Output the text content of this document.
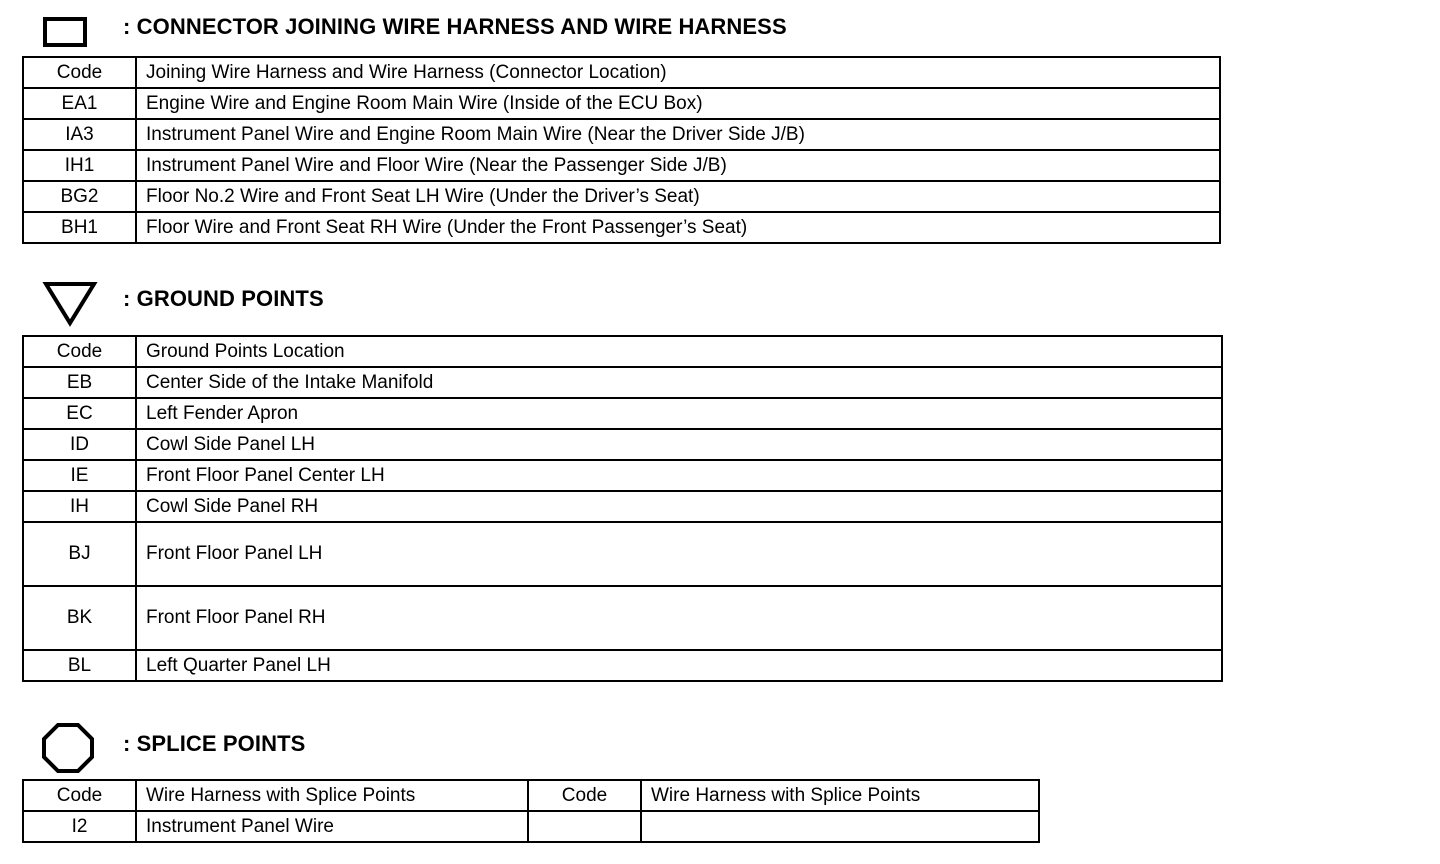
: CONNECTOR JOINING WIRE HARNESS AND WIRE HARNESS
Code	Joining Wire Harness and Wire Harness (Connector Location)
EA1	Engine Wire and Engine Room Main Wire (Inside of the ECU Box)
IA3	Instrument Panel Wire and Engine Room Main Wire (Near the Driver Side J/B)
IH1	Instrument Panel Wire and Floor Wire (Near the Passenger Side J/B)
BG2	Floor No.2 Wire and Front Seat LH Wire (Under the Driver’s Seat)
BH1	Floor Wire and Front Seat RH Wire (Under the Front Passenger’s Seat)
: GROUND POINTS
Code	Ground Points Location
EB	Center Side of the Intake Manifold
EC	Left Fender Apron
ID	Cowl Side Panel LH
IE	Front Floor Panel Center LH
IH	Cowl Side Panel RH
BJ	Front Floor Panel LH
BK	Front Floor Panel RH
BL	Left Quarter Panel LH
: SPLICE POINTS
Code	Wire Harness with Splice Points	Code	Wire Harness with Splice Points
I2	Instrument Panel Wire		
